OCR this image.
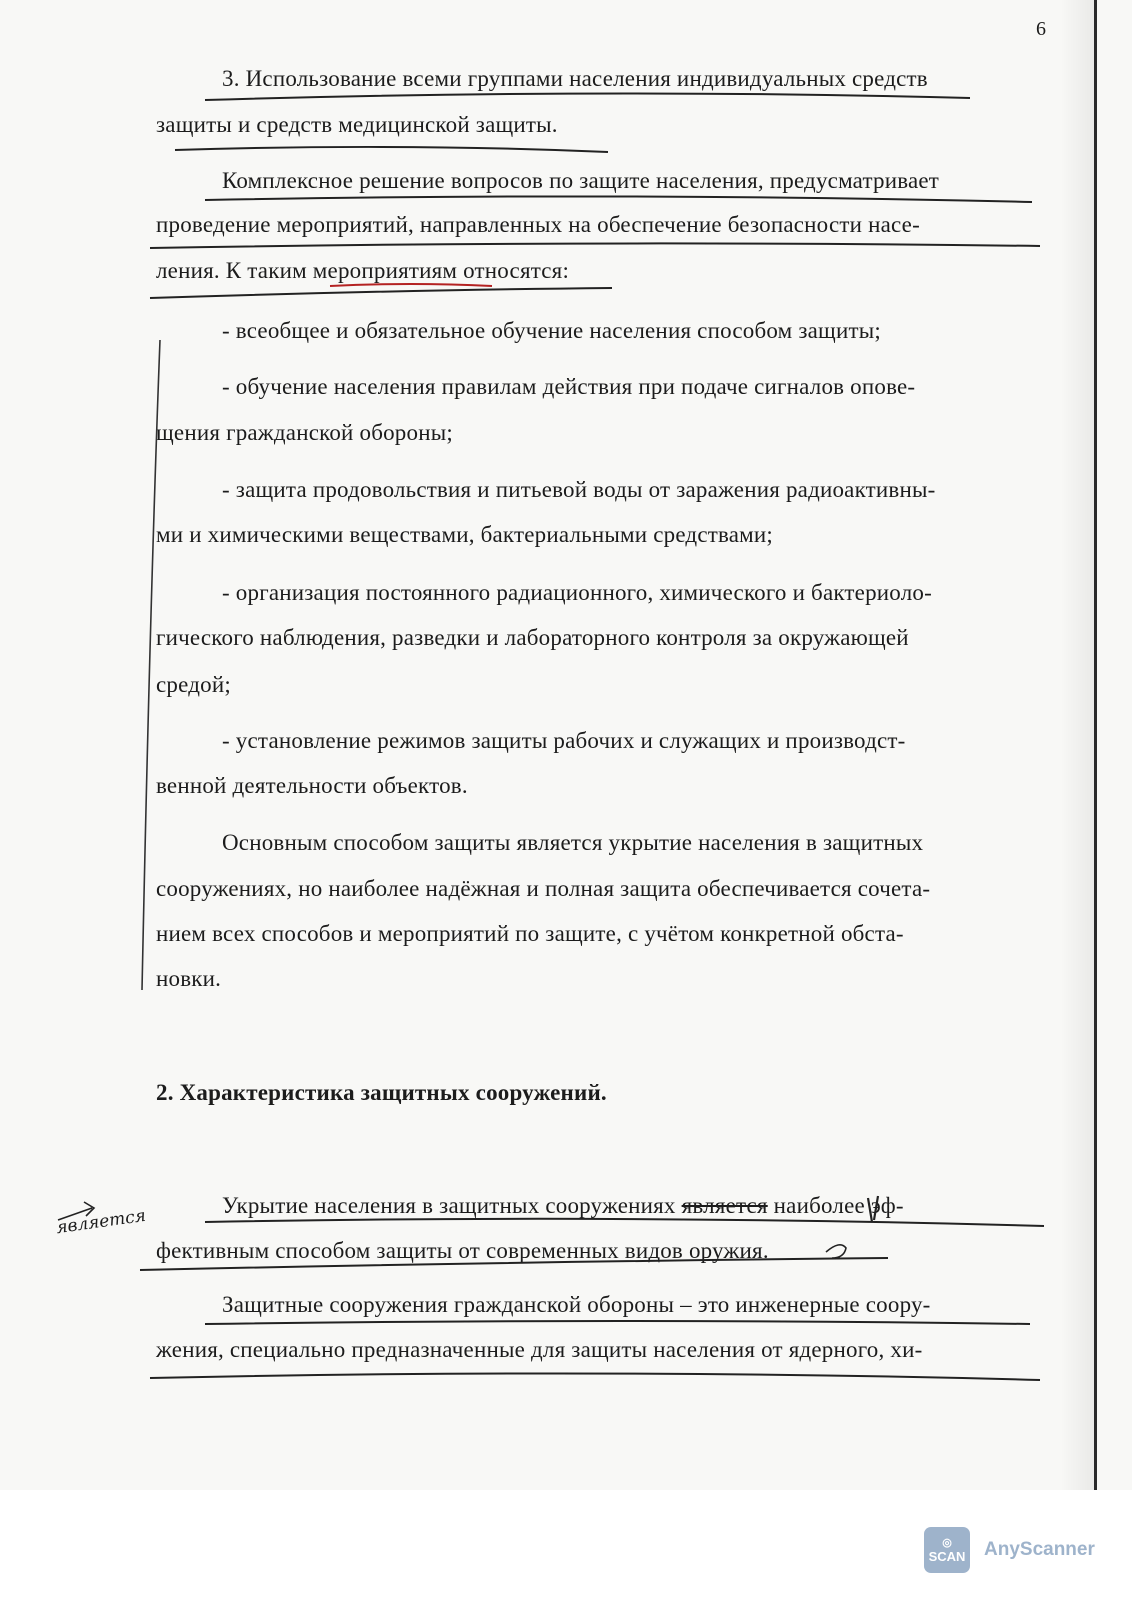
6
3. Использование всеми группами населения индивидуальных средств
защиты и средств медицинской защиты.
Комплексное решение вопросов по защите населения, предусматривает
проведение мероприятий, направленных на обеспечение безопасности насе-
ления. К таким мероприятиям относятся:
- всеобщее и обязательное обучение населения способом защиты;
- обучение населения правилам действия при подаче сигналов опове-
щения гражданской обороны;
- защита продовольствия и питьевой воды от заражения радиоактивны-
ми и химическими веществами, бактериальными средствами;
- организация постоянного радиационного, химического и бактериоло-
гического наблюдения, разведки и лабораторного контроля за окружающей
средой;
- установление режимов защиты рабочих и служащих и производст-
венной деятельности объектов.
Основным способом защиты является укрытие населения в защитных
сооружениях, но наиболее надёжная и полная защита обеспечивается сочета-
нием всех способов и мероприятий по защите, с учётом конкретной обста-
новки.
2. Характеристика защитных сооружений.
является
Укрытие населения в защитных сооружениях является наиболее эф-
фективным способом защиты от современных видов оружия.
Защитные сооружения гражданской обороны – это инженерные соору-
жения, специально предназначенные для защиты населения от ядерного, хи-
◎
SCAN AnyScanner
